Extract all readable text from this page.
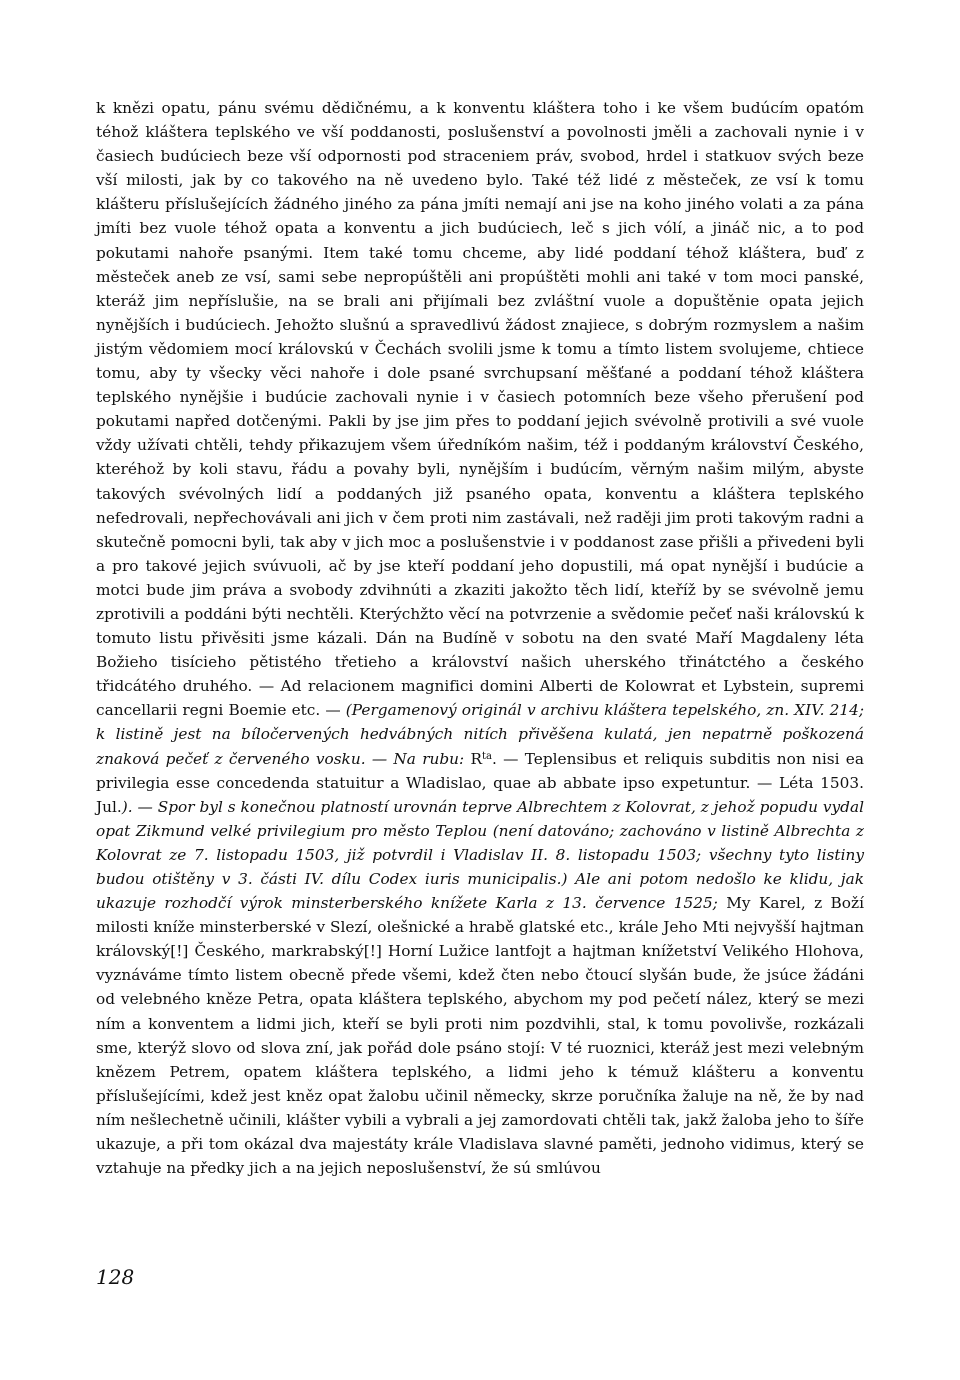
k knězi opatu, pánu svému dědičnému, a k konventu kláštera toho i ke všem budúcím opatóm téhož kláštera teplského ve vší poddanosti, poslušenství a povolnosti jměli a zachovali nynie i v časiech budúciech beze vší odpornosti pod straceniem práv, svobod, hrdel i statkuov svých beze vší milosti, jak by co takového na ně uvedeno bylo. Také též lidé z městeček, ze vsí k tomu klášteru příslušejících žádného jiného za pána jmíti nemají ani jse na koho jiného volati a za pána jmíti bez vuole téhož opata a konventu a jich budúciech, leč s jich vólí, a jináč nic, a to pod pokutami nahoře psanými. Item také tomu chceme, aby lidé poddaní téhož kláštera, buď z městeček aneb ze vsí, sami sebe nepropúštěli ani propúštěti mohli ani také v tom moci panské, kteráž jim nepříslušie, na se brali ani přijímali bez zvláštní vuole a dopuštěnie opata jejich nynějších i budúciech. Jehožto slušnú a spravedlivú žádost znajiece, s dobrým rozmyslem a našim jistým vědomiem mocí královskú v Čechách svolili jsme k tomu a tímto listem svolujeme, chtiece tomu, aby ty všecky věci nahoře i dole psané svrchupsaní měšťané a poddaní téhož kláštera teplského nynějšie i budúcie zachovali nynie i v časiech potomních beze všeho přerušení pod pokutami napřed dotčenými. Pakli by jse jim přes to poddaní jejich svévolně protivili a své vuole vždy užívati chtěli, tehdy přikazujem všem úředníkóm našim, též i poddaným království Českého, kteréhož by koli stavu, řádu a povahy byli, nynějším i budúcím, věrným našim milým, abyste takových svévolných lidí a poddaných již psaného opata, konventu a kláštera teplského nefedrovali, nepřechovávali ani jich v čem proti nim zastávali, než raději jim proti takovým radni a skutečně pomocni byli, tak aby v jich moc a poslušenstvie i v poddanost zase přišli a přivedeni byli a pro takové jejich svúvuoli, ač by jse kteří poddaní jeho dopustili, má opat nynější i budúcie a motci bude jim práva a svobody zdvihnúti a zkaziti jakožto těch lidí, kteříž by se svévolně jemu zprotivili a poddáni býti nechtěli. Kterýchžto věcí na potvrzenie a svědomie pečeť naši královskú k tomuto listu přivěsiti jsme kázali. Dán na Budíně v sobotu na den svaté Maří Magdaleny léta Božieho tisícieho pětistého třetieho a království našich uherského třinátctého a českého třidcátého druhého. — Ad relacionem magnifici domini Alberti de Kolowrat et Lybstein, supremi cancellarii regni Boemie etc. — (Pergamenový originál v archivu kláštera tepelského, zn. XIV. 214; k listině jest na bíločervených hedvábných nitích přivěšena kulatá, jen nepatrně poškozená znaková pečeť z červeného vosku. — Na rubu: $R^{ta}$. — Teplensibus et reliquis subditis non nisi ea privilegia esse concedenda statuitur a Wladislao, quae ab abbate ipso expetuntur. — Léta 1503. Jul.). — Spor byl s konečnou platností urovnán teprve Albrechtem z Kolovrat, z jehož popudu vydal opat Zikmund velké privilegium pro město Teplou (není datováno; zachováno v listině Albrechta z Kolovrat ze 7. listopadu 1503, již potvrdil i Vladislav II. 8. listopadu 1503; všechny tyto listiny budou otištěny v 3. části IV. dílu Codex iuris municipalis.) Ale ani potom nedošlo ke klidu, jak ukazuje rozhodčí výrok minsterberského knížete Karla z 13. července 1525; My Karel, z Boží milosti kníže minsterberské v Slezí, olešnické a hrabě glatské etc., krále Jeho Mti nejvyšší hajtman královský[!] Českého, markrabský[!] Horní Lužice lantfojt a hajtman knížetství Velikého Hlohova, vyznáváme tímto listem obecně přede všemi, kdež čten nebo čtoucí slyšán bude, že jsúce žádáni od velebného kněze Petra, opata kláštera teplského, abychom my pod pečetí nález, který se mezi ním a konventem a lidmi jich, kteří se byli proti nim pozdvihli, stal, k tomu povolivše, rozkázali sme, kterýž slovo od slova zní, jak pořád dole psáno stojí: V té ruoznici, kteráž jest mezi velebným knězem Petrem, opatem kláštera teplského, a lidmi jeho k témuž klášteru a konventu příslušejícími, kdež jest kněz opat žalobu učinil německy, skrze poručníka žaluje na ně, že by nad ním nešlechetně učinili, klášter vybili a vybrali a jej zamordovati chtěli tak, jakž žaloba jeho to šíře ukazuje, a při tom okázal dva majestáty krále Vladislava slavné paměti, jednoho vidimus, který se vztahuje na předky jich a na jejich neposlušenství, že sú smlúvou

128
